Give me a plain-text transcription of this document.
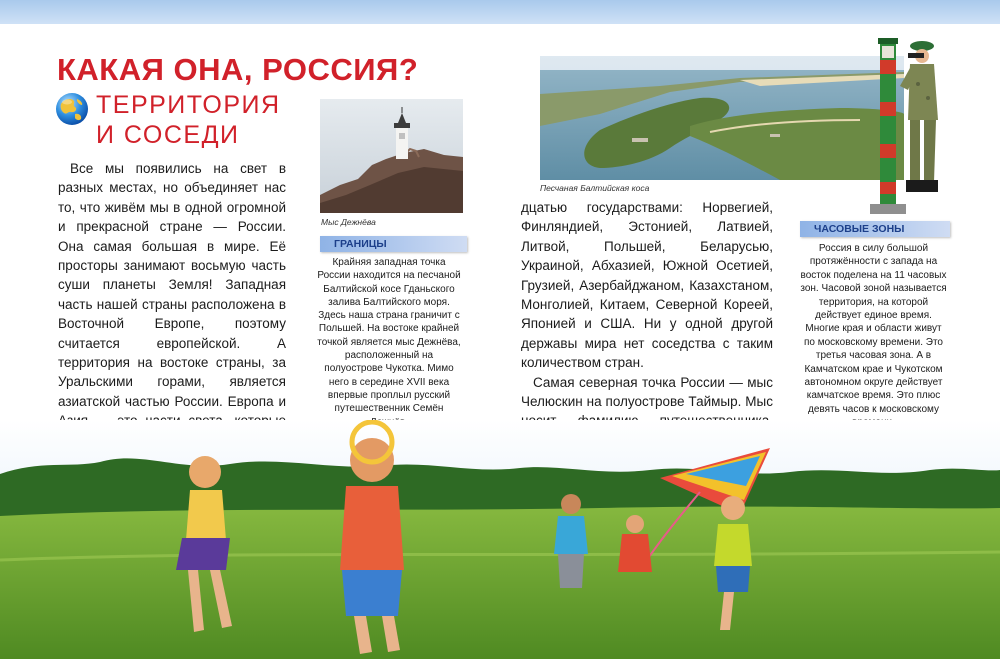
КАКАЯ ОНА, РОССИЯ?
ТЕРРИТОРИЯ
И СОСЕДИ

Все мы появились на свет в разных местах, но объединяет нас то, что живём мы в одной огромной и прекрасной стране — России. Она самая большая в мире. Её просторы занимают восьмую часть суши планеты Земля! Западная часть нашей страны расположена в Восточной Европе, поэтому считается европейской. А территория на востоке страны, за Уральскими горами, является азиатской частью России. Европа и

Мыс Дежнёва
ГРАНИЦЫ

Крайняя западная точка России находится на песчаной Балтийской косе Гданьского залива Балтийского моря. Здесь наша страна граничит с Польшей. На востоке крайней точкой является мыс Дежнёва, расположенный на полуострове Чукотка. Мимо него в середине XVII века впервые проплыл русский путешественник Семён

Песчаная Балтийская коса

дцатью государствами: Норвегией, Финляндией, Эстонией, Латвией, Литвой, Польшей, Беларусью, Украиной, Абхазией, Южной Осетией, Грузией, Азербайджаном, Казахстаном, Монголией, Китаем, Северной Кореей, Японией и США. Ни у одной другой державы мира нет соседства с таким количеством стран.

Самая северная точка России — мыс Челюскин на полуострове Таймыр. Мыс

ЧАСОВЫЕ ЗОНЫ

Россия в силу большой протяжённости с запада на восток поделена на 11 часовых зон. Часовой зоной называется территория, на которой действует единое время. Многие края и области живут по московскому времени. Это третья часовая зона. А в Камчатском крае и Чукотском автономном округе действует камчатское время. Это плюс девять часов к московскому
